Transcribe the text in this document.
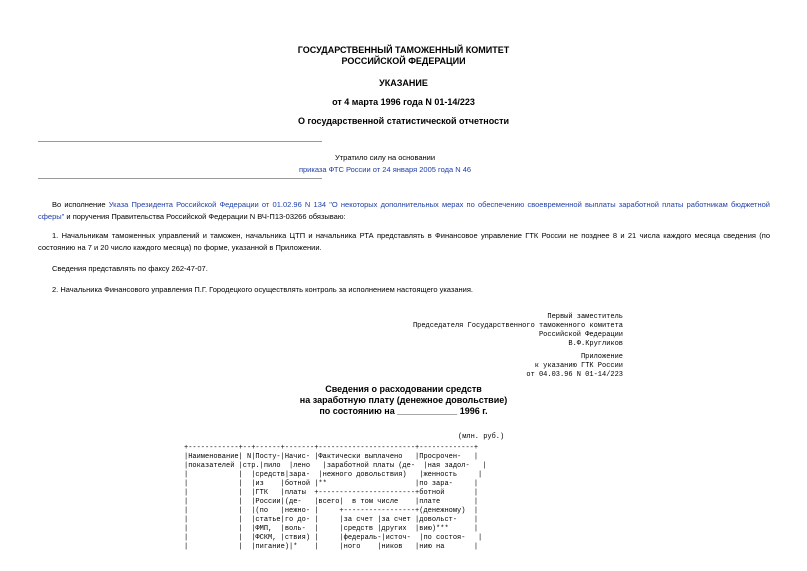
ГОСУДАРСТВЕННЫЙ ТАМОЖЕННЫЙ КОМИТЕТ
РОССИЙСКОЙ ФЕДЕРАЦИИ
УКАЗАНИЕ
от 4 марта 1996 года N 01-14/223
О государственной статистической отчетности
Утратило силу на основании
приказа ФТС России от 24 января 2005 года N 46
Во исполнение Указа Президента Российской Федерации от 01.02.96 N 134 "О некоторых дополнительных мерах по обеспечению своевременной выплаты заработной платы работникам бюджетной сферы" и поручения Правительства Российской Федерации N ВЧ-П13-03266 обязываю:
1. Начальникам таможенных управлений и таможен, начальника ЦТП и начальника РТА представлять в Финансовое управление ГТК России не позднее 8 и 21 числа каждого месяца сведения (по состоянию на 7 и 20 число каждого месяца) по форме, указанной в Приложении.
Сведения представлять по факсу 262-47-07.
2. Начальника Финансового управления П.Г. Городецкого осуществлять контроль за исполнением настоящего указания.
Первый заместитель
Председателя Государственного таможенного комитета
Российской Федерации
В.Ф.Кругликов
Приложение
к указанию ГТК России
от 04.03.96 N 01-14/223
Сведения о расходовании средств
на заработную плату (денежное довольствие)
по состоянию на ____________ 1996 г.
(млн. руб.)
+------------+--+------+-------+-----------------------+-------------+
|Наименование| N|Посту-|Начис- |Фактически выплачено   |Просрочен-   |
|показателей |стр.|пило  |лено   |заработной платы (де-  |ная задол-   |
|            |  |средств|зара-  |нежного довольствия)   |женность     |
|            |  |из    |ботной |**                     |по зара-     |
|            |  |ГТК   |платы  +-----------------------+ботной       |
|            |  |России|(де-   |всего|  в том числе    |плате        |
|            |  |(по   |нежно- |     +-----------------+(денежному)  |
|            |  |статье|го до- |     |за счет |за счет |довольст-    |
|            |  |ФМП,  |воль-  |     |средств |других  |вию)***      |
|            |  |ФСКМ, |ствия) |     |федераль-|источ-  |по состоя-   |
|            |  |пигание)|*    |     |ного    |ников   |нию на       |
